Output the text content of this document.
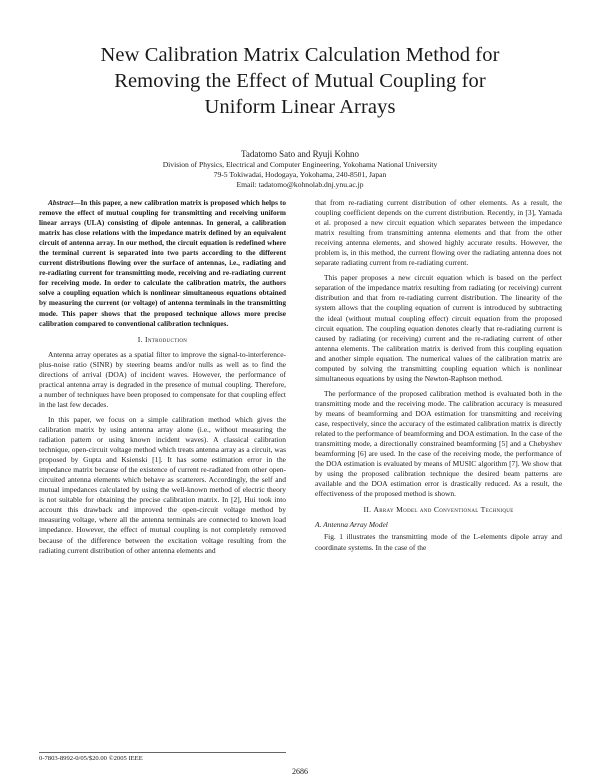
New Calibration Matrix Calculation Method for
Removing the Effect of Mutual Coupling for
Uniform Linear Arrays
Tadatomo Sato and Ryuji Kohno
Division of Physics, Electrical and Computer Engineering, Yokohama National University
79-5 Tokiwadai, Hodogaya, Yokohama, 240-8501, Japan
Email: tadatomo@kohnolab.dnj.ynu.ac.jp

Abstract—In this paper, a new calibration matrix is proposed which helps to remove the effect of mutual coupling for transmitting and receiving uniform linear arrays (ULA) consisting of dipole antennas. In general, a calibration matrix has close relations with the impedance matrix defined by an equivalent circuit of antenna array. In our method, the circuit equation is redefined where the terminal current is separated into two parts according to the different current distributions flowing over the surface of antennas, i.e., radiating and re-radiating current for transmitting mode, receiving and re-radiating current for receiving mode. In order to calculate the calibration matrix, the authors solve a coupling equation which is nonlinear simultaneous equations obtained by measuring the current (or voltage) of antenna terminals in the transmitting mode. This paper shows that the proposed technique allows more precise calibration compared to conventional calibration techniques.

I. Introduction

Antenna array operates as a spatial filter to improve the signal-to-interference-plus-noise ratio (SINR) by steering beams and/or nulls as well as to find the directions of arrival (DOA) of incident waves. However, the performance of practical antenna array is degraded in the presence of mutual coupling. Therefore, a number of techniques have been proposed to compensate for that coupling effect in the last few decades.

In this paper, we focus on a simple calibration method which gives the calibration matrix by using antenna array alone (i.e., without measuring the radiation pattern or using known incident waves). A classical calibration technique, open-circuit voltage method which treats antenna array as a circuit, was proposed by Gupta and Ksienski [1]. It has some estimation error in the impedance matrix because of the existence of current re-radiated from other open-circuited antenna elements which behave as scatterers. Accordingly, the self and mutual impedances calculated by using the well-known method of electric theory is not suitable for obtaining the precise calibration matrix. In [2], Hui took into account this drawback and improved the open-circuit voltage method by measuring voltage, where all the antenna terminals are connected to known load impedance. However, the effect of mutual coupling is not completely removed because of the difference between the excitation voltage resulting from the radiating current distribution of other antenna elements and

that from re-radiating current distribution of other elements. As a result, the coupling coefficient depends on the current distribution. Recently, in [3], Yamada et al. proposed a new circuit equation which separates between the impedance matrix resulting from transmitting antenna elements and that from the other receiving antenna elements, and showed highly accurate results. However, the problem is, in this method, the current flowing over the radiating antenna does not separate radiating current from re-radiating current.

This paper proposes a new circuit equation which is based on the perfect separation of the impedance matrix resulting from radiating (or receiving) current distribution and that from re-radiating current distribution. The linearity of the system allows that the coupling equation of current is introduced by subtracting the ideal (without mutual coupling effect) circuit equation from the proposed circuit equation. The coupling equation denotes clearly that re-radiating current is caused by radiating (or receiving) current and the re-radiating current of other antenna elements. The calibration matrix is derived from this coupling equation and another simple equation. The numerical values of the calibration matrix are computed by solving the transmitting coupling equation which is nonlinear simultaneous equations by using the Newton-Raphson method.

The performance of the proposed calibration method is evaluated both in the transmitting mode and the receiving mode. The calibration accuracy is measured by means of beamforming and DOA estimation for transmitting and receiving case, respectively, since the accuracy of the estimated calibration matrix is directly related to the performance of beamforming and DOA estimation. In the case of the transmitting mode, a directionally constrained beamforming [5] and a Chebyshev beamforming [6] are used. In the case of the receiving mode, the performance of the DOA estimation is evaluated by means of MUSIC algorithm [7]. We show that by using the proposed calibration technique the desired beam patterns are available and the DOA estimation error is drastically reduced. As a result, the effectiveness of the proposed method is shown.

II. Array Model and Conventional Technique
A. Antenna Array Model

Fig. 1 illustrates the transmitting mode of the L-elements dipole array and coordinate systems. In the case of the

0-7803-8992-0/05/$20.00 ©2005 IEEE
2686
